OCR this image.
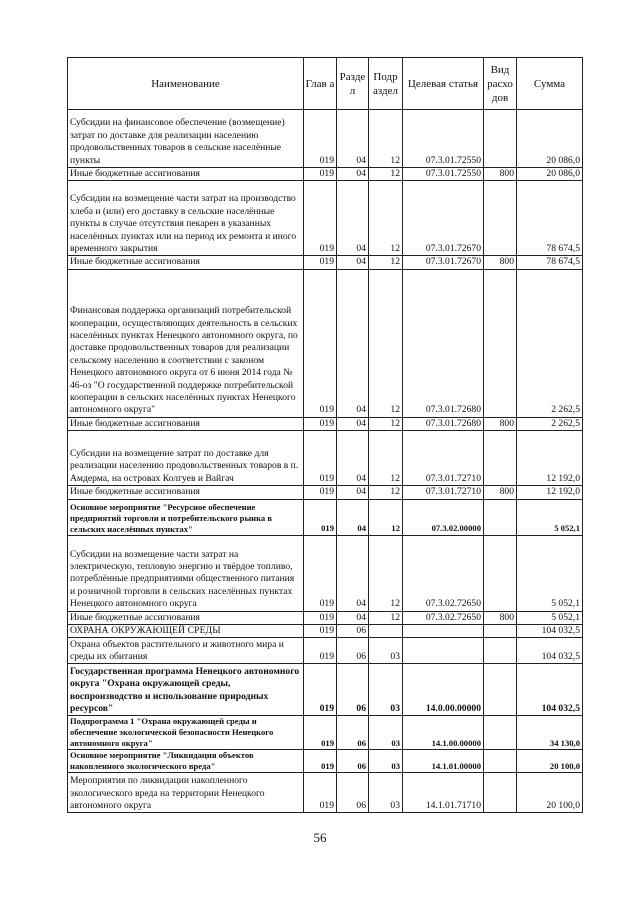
Наименование	Глав а	Разде л	Подр аздел	Целевая статья	Вид расхо дов	Сумма
Субсидии на финансовое обеспечение (возмещение) затрат по доставке для реализации населению продовольственных товаров в сельские населённые пункты	019	04	12	07.3.01.72550		20 086,0
Иные бюджетные ассигнования	019	04	12	07.3.01.72550	800	20 086,0
Субсидии на возмещение части затрат на производство хлеба и (или) его доставку в сельские населённые пункты в случае отсутствия пекарен в указанных населённых пунктах или на период их ремонта и иного временного закрытия	019	04	12	07.3.01.72670		78 674,5
Иные бюджетные ассигнования	019	04	12	07.3.01.72670	800	78 674,5
Финансовая поддержка организаций потребительской кооперации, осуществляющих деятельность в сельских населённых пунктах Ненецкого автономного округа, по доставке продовольственных товаров для реализации сельскому населению в соответствии с законом Ненецкого автономного округа от 6 июня 2014 года № 46-оз "О государственной поддержке потребительской кооперации в сельских населённых пунктах Ненецкого автономного округа"	019	04	12	07.3.01.72680		2 262,5
Иные бюджетные ассигнования	019	04	12	07.3.01.72680	800	2 262,5
Субсидии на возмещение затрат по доставке для реализации населению продовольственных товаров в п. Амдерма, на островах Колгуев и Вайгач	019	04	12	07.3.01.72710		12 192,0
Иные бюджетные ассигнования	019	04	12	07.3.01.72710	800	12 192,0
Основное мероприятие "Ресурсное обеспечение предприятий торговли и потребительского рынка в сельских населённых пунктах"	019	04	12	07.3.02.00000		5 052,1
Субсидии на возмещение части затрат на электрическую, тепловую энергию и твёрдое топливо, потреблённые предприятиями общественного питания и розничной торговли в сельских населённых пунктах Ненецкого автономного округа	019	04	12	07.3.02.72650		5 052,1
Иные бюджетные ассигнования	019	04	12	07.3.02.72650	800	5 052,1
ОХРАНА ОКРУЖАЮЩЕЙ СРЕДЫ	019	06				104 032,5
Охрана объектов растительного и животного мира и среды их обитания	019	06	03			104 032,5
Государственная программа Ненецкого автономного округа "Охрана окружающей среды, воспроизводство и использование природных ресурсов"	019	06	03	14.0.00.00000		104 032,5
Подпрограмма 1 "Охрана окружающей среды и обеспечение экологической безопасности Ненецкого автономного округа"	019	06	03	14.1.00.00000		34 130,0
Основное мероприятие "Ликвидация объектов накопленного экологического вреда"	019	06	03	14.1.01.00000		20 100,0
Мероприятия по ликвидации накопленного экологического вреда на территории Ненецкого автономного округа	019	06	03	14.1.01.71710		20 100,0
56
